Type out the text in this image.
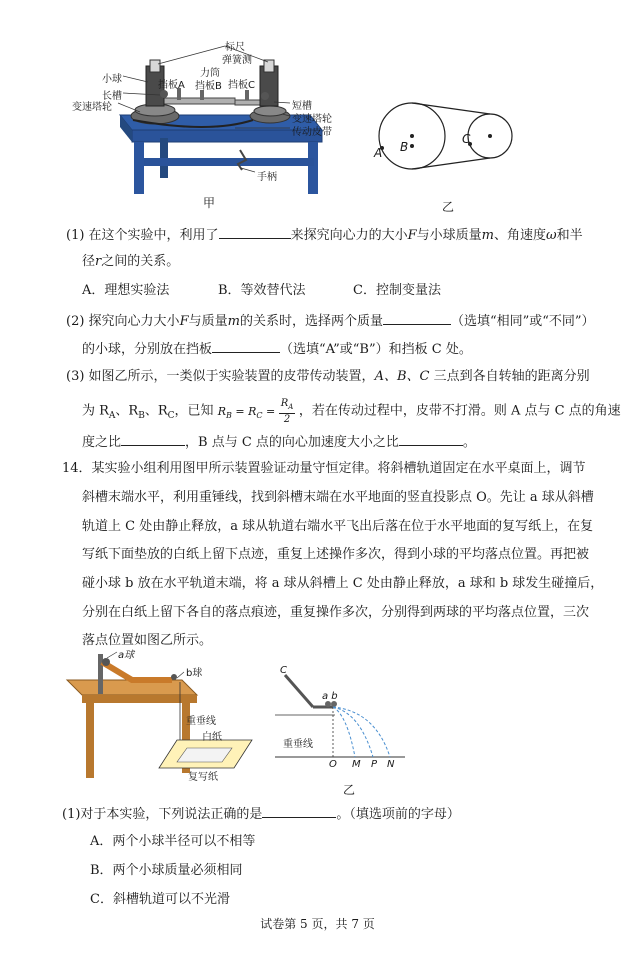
标尺
弹簧测
力筒
小球
挡板A 挡板B 挡板C
长槽
变速塔轮	短槽
变速塔轮
传动皮带
手柄
甲
A B
C
乙
(1) 在这个实验中，利用了	来探究向心力的大小F与小球质量m、角速度ω和半
径r之间的关系。
A．理想实验法	B．等效替代法	C．控制变量法
(2) 探究向心力大小F与质量m的关系时，选择两个质量	（选填“相同”或“不同”）
的小球，分别放在挡板	（选填“A”或“B”）和挡板 C 处。
(3) 如图乙所示，一类似于实验装置的皮带传动装置，A、B、C 三点到各自转轴的距离分别
为 $R_A$、$R_B$、$R_C$，已知 $R_B = R_C = \frac{R_A}{2}$ ，若在传动过程中，皮带不打滑。则 A 点与 C 点的角速
度之比	，B 点与 C 点的向心加速度大小之比	。
14．某实验小组利用图甲所示装置验证动量守恒定律。将斜槽轨道固定在水平桌面上，调节
斜槽末端水平，利用重锤线，找到斜槽末端在水平地面的竖直投影点 O。先让 a 球从斜槽
轨道上 C 处由静止释放，a 球从轨道右端水平飞出后落在位于水平地面的复写纸上，在复
写纸下面垫放的白纸上留下点迹，重复上述操作多次，得到小球的平均落点位置。再把被
碰小球 b 放在水平轨道末端，将 a 球从斜槽上 C 处由静止释放，a 球和 b 球发生碰撞后，
分别在白纸上留下各自的落点痕迹，重复操作多次，分别得到两球的平均落点位置，三次
落点位置如图乙所示。
a球
b球
重垂线
白纸
复写纸
C
a b
重垂线
O M P N
乙
(1)对于本实验，下列说法正确的是	。（填选项前的字母）
A．两个小球半径可以不相等
B．两个小球质量必须相同
C．斜槽轨道可以不光滑
试卷第 5 页，共 7 页
